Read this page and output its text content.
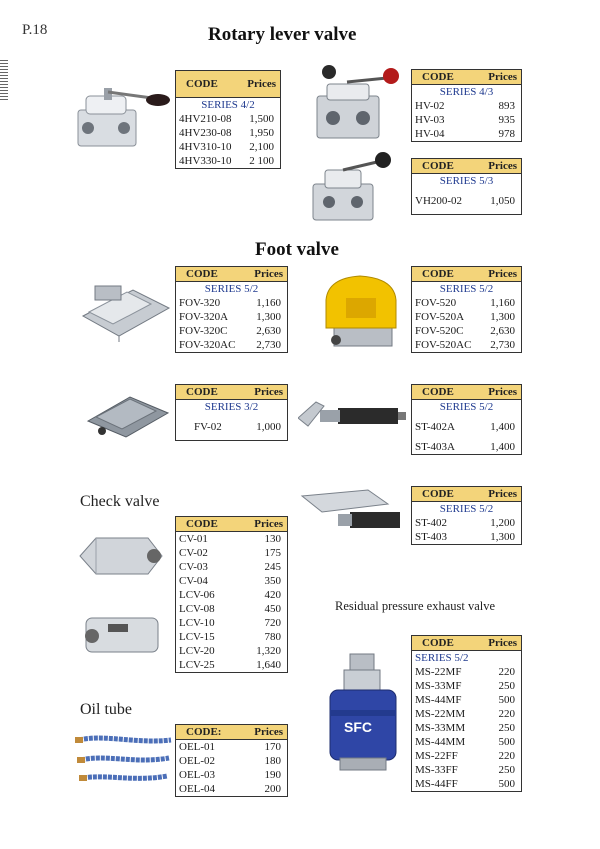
P.18	Rotary lever valve
Foot valve
Check valve
Oil tube
Residual pressure exhaust valve
SFC
CODE	Prices
SERIES 4/2	
4HV210-08	1,500
4HV230-08	1,950
4HV310-10	2,100
4HV330-10	2 100
CODE	Prices
SERIES 4/3	
HV-02	893
HV-03	935
HV-04	978
CODE	Prices
SERIES 5/3	

VH200-02	1,050

CODE	Prices
SERIES 5/2	
FOV-320	1,160
FOV-320A	1,300
FOV-320C	2,630
FOV-320AC	2,730
CODE	Prices
SERIES 5/2	
FOV-520	1,160
FOV-520A	1,300
FOV-520C	2,630
FOV-520AC	2,730
CODE	Prices
SERIES 3/2	

FV-02	1,000

CODE	Prices
SERIES 5/2	

ST-402A	1,400

ST-403A	1,400
CODE	Prices
SERIES 5/2	
ST-402	1,200
ST-403	1,300
CODE	Prices
CV-01	130
CV-02	175
CV-03	245
CV-04	350
LCV-06	420
LCV-08	450
LCV-10	720
LCV-15	780
LCV-20	1,320
LCV-25	1,640
CODE:	Prices
OEL-01	170
OEL-02	180
OEL-03	190
OEL-04	200
CODE	Prices
SERIES 5/2	
MS-22MF	220
MS-33MF	250
MS-44MF	500
MS-22MM	220
MS-33MM	250
MS-44MM	500
MS-22FF	220
MS-33FF	250
MS-44FF	500
